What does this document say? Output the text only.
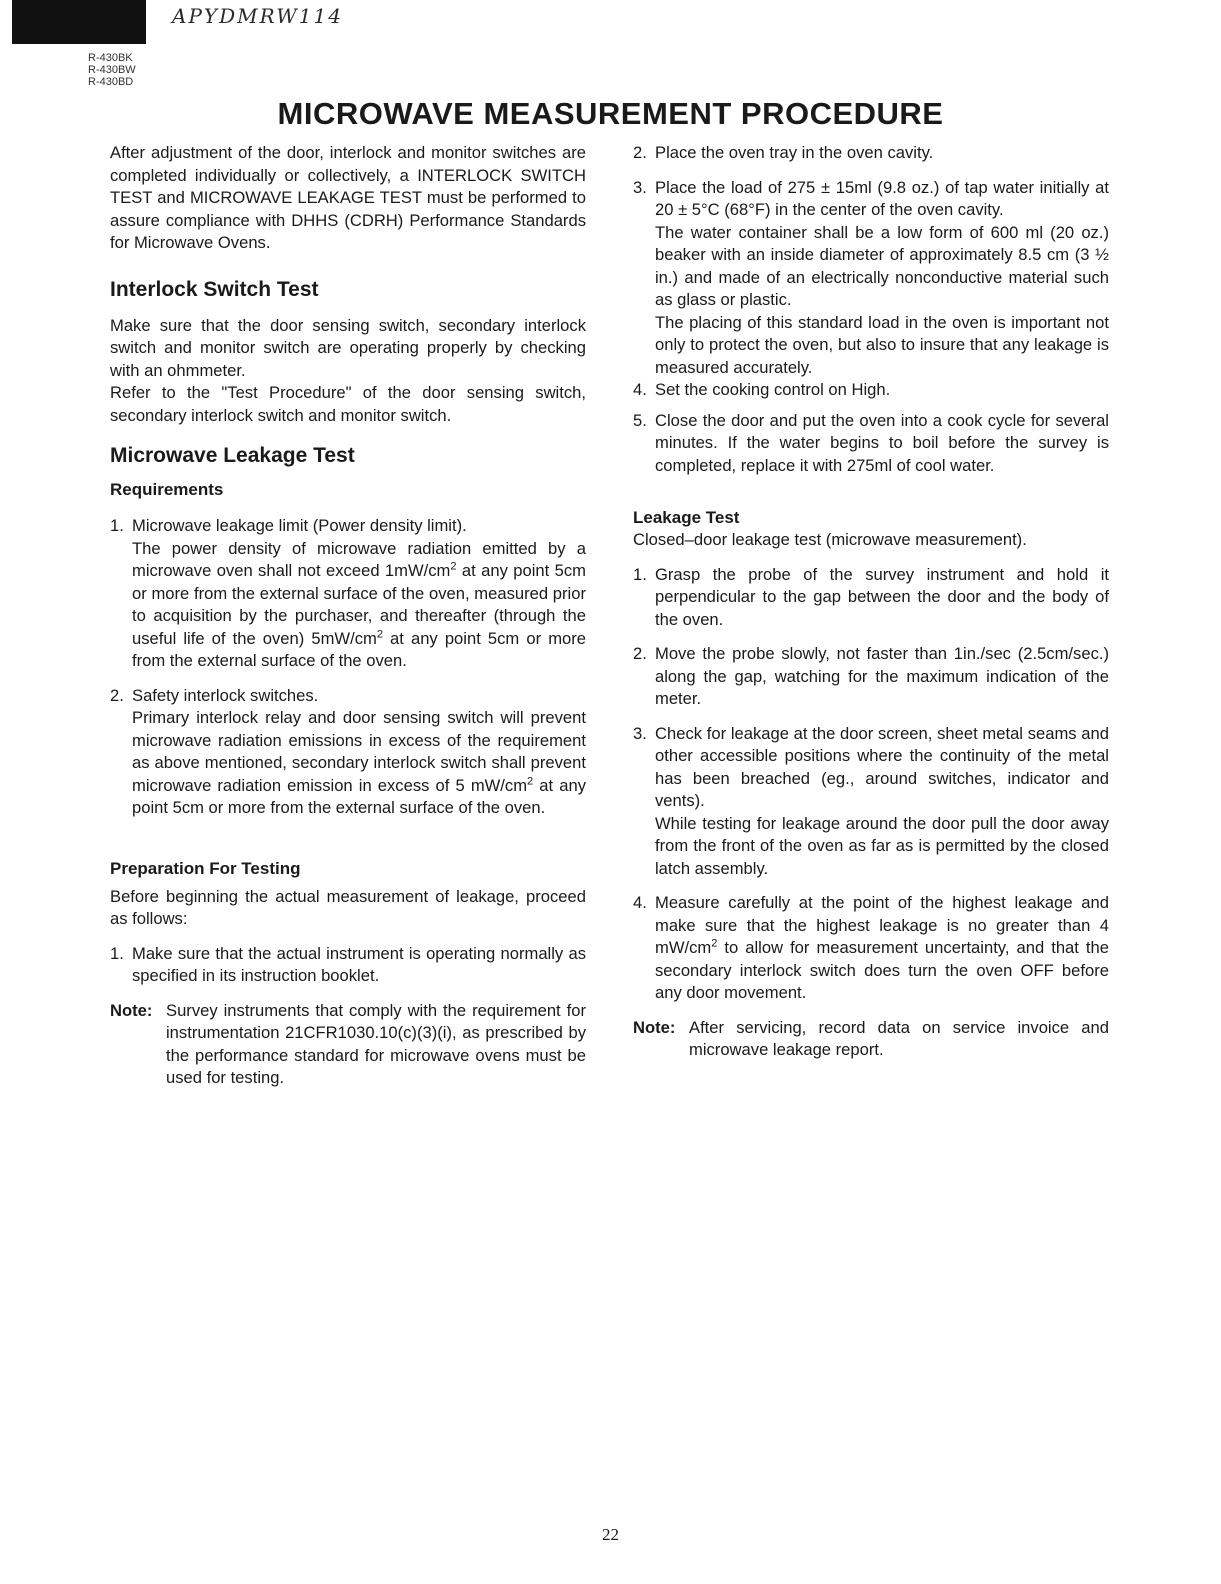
APYDMRW114
R-430BK
R-430BW
R-430BD
MICROWAVE MEASUREMENT PROCEDURE

After adjustment of the door, interlock and monitor switches are completed individually or collectively, a INTERLOCK SWITCH TEST and MICROWAVE LEAKAGE TEST must be performed to assure compliance with DHHS (CDRH) Performance Standards for Microwave Ovens.

Interlock Switch Test

Make sure that the door sensing switch, secondary interlock switch and monitor switch are operating properly by checking with an ohmmeter.

Refer to the "Test Procedure" of the door sensing switch, secondary interlock switch and monitor switch.

Microwave Leakage Test
Requirements
1. Microwave leakage limit (Power density limit).

The power density of microwave radiation emitted by a microwave oven shall not exceed $1mW/cm^2$ at any point 5cm or more from the external surface of the oven, measured prior to acquisition by the purchaser, and thereafter (through the useful life of the oven) $5mW/cm^2$ at any point 5cm or more from the external surface of the oven.

2. Safety interlock switches.

Primary interlock relay and door sensing switch will prevent microwave radiation emissions in excess of the requirement as above mentioned, secondary interlock switch shall prevent microwave radiation emission in excess of 5 $mW/cm^2$ at any point 5cm or more from the external surface of the oven.

Preparation For Testing

Before beginning the actual measurement of leakage, proceed as follows:

1. Make sure that the actual instrument is operating normally as specified in its instruction booklet.

Note: Survey instruments that comply with the requirement for instrumentation 21CFR1030.10(c)(3)(i), as prescribed by the performance standard for microwave ovens must be used for testing.

2. Place the oven tray in the oven cavity.

3. Place the load of 275 ± 15ml (9.8 oz.) of tap water initially at 20 ± 5°C (68°F) in the center of the oven cavity.

The water container shall be a low form of 600 ml (20 oz.) beaker with an inside diameter of approximately 8.5 cm (3 ½ in.) and made of an electrically nonconductive material such as glass or plastic.

The placing of this standard load in the oven is important not only to protect the oven, but also to insure that any leakage is measured accurately.

4. Set the cooking control on High.

5. Close the door and put the oven into a cook cycle for several minutes. If the water begins to boil before the survey is completed, replace it with 275ml of cool water.

Leakage Test

Closed–door leakage test (microwave measurement).

1. Grasp the probe of the survey instrument and hold it perpendicular to the gap between the door and the body of the oven.

2. Move the probe slowly, not faster than 1in./sec (2.5cm/sec.) along the gap, watching for the maximum indication of the meter.

3. Check for leakage at the door screen, sheet metal seams and other accessible positions where the continuity of the metal has been breached (eg., around switches, indicator and vents).

While testing for leakage around the door pull the door away from the front of the oven as far as is permitted by the closed latch assembly.

4. Measure carefully at the point of the highest leakage and make sure that the highest leakage is no greater than 4 $mW/cm^2$ to allow for measurement uncertainty, and that the secondary interlock switch does turn the oven OFF before any door movement.

Note: After servicing, record data on service invoice and microwave leakage report.

22
